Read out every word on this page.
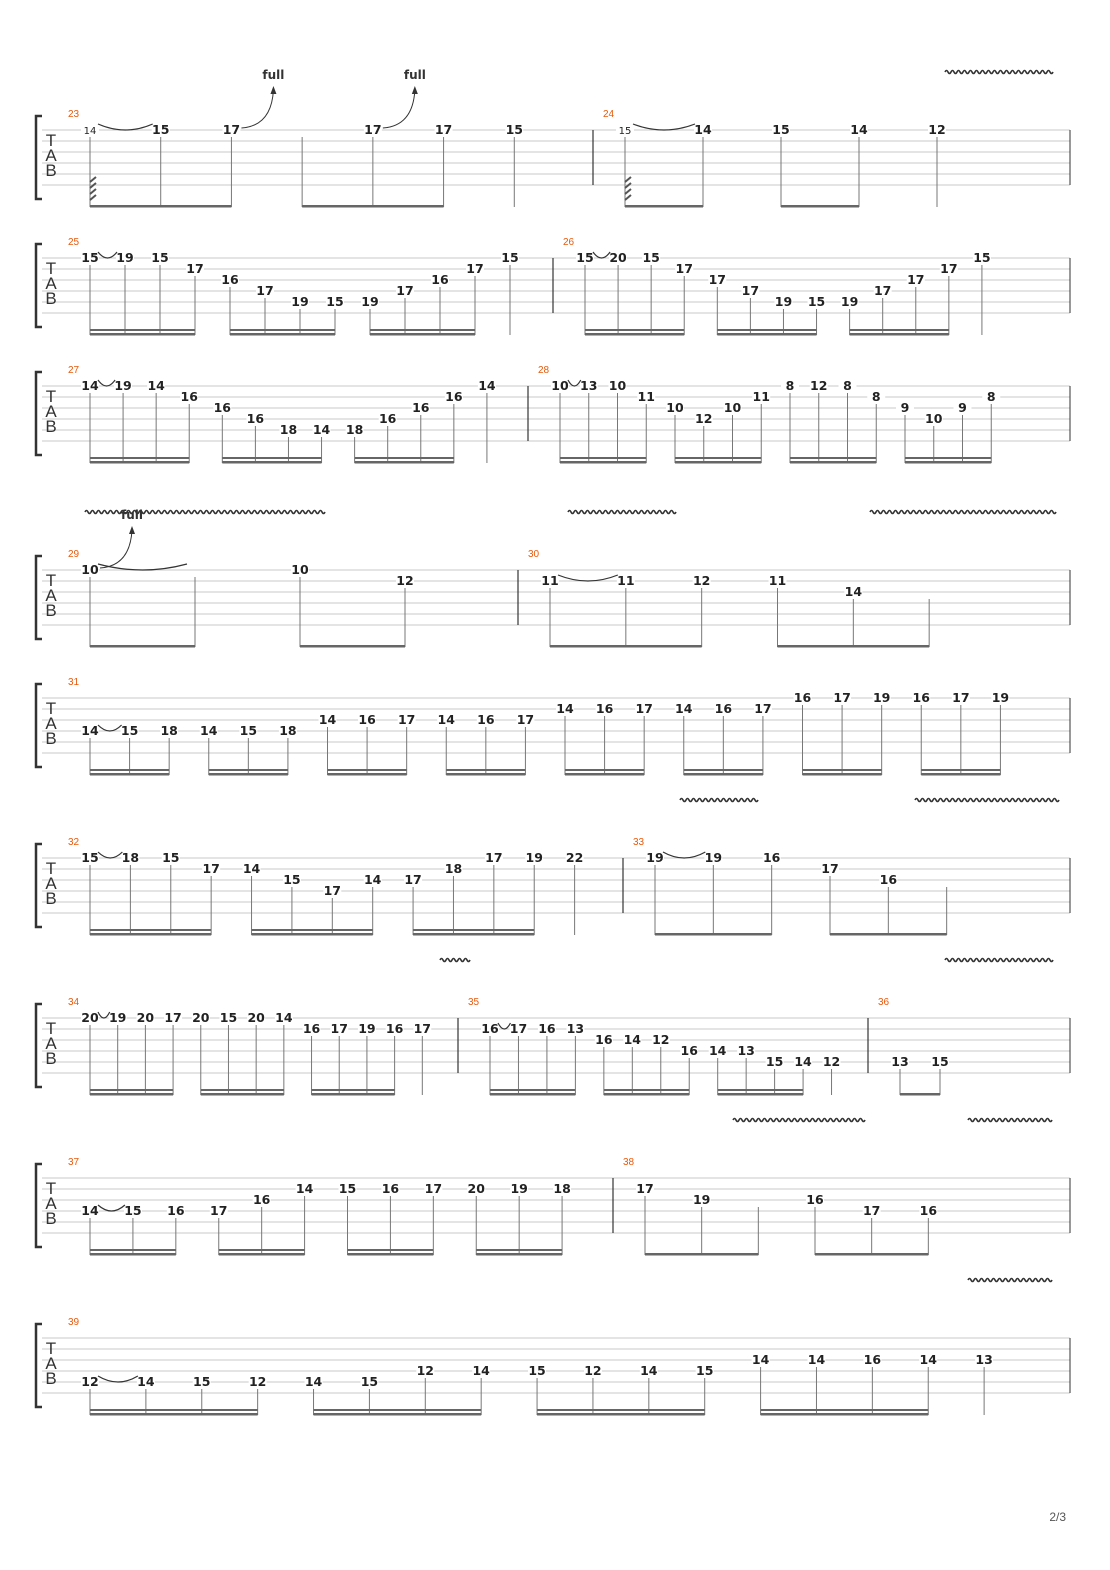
T
A
B
23
14	15	17
full
17
full
17	15
24
15	14	15	14	12
T
A
B
25
15 19 15
17
16
17
19 15 19
17
16
17
15
26
15 20 15
17
17
17
19 15 19
17
17
17
15
T
A
B
27
14 19 14
16
16
16
18 14 18
16
16
16
14
28
10 13 10
11
10
12
10
11
8 12 8
8
9
10
9
8
T
A
B
29
10
full
10
12
30
11	11	12	11
14
T
A
B
31
14 15 18 14 15 18
14 16 17 14 16 17
14 16 17 14 16 17
16 17 19 16 17 19
T
A
B
32
15 18 15
17 14
15
17
14 17
18
17 19 22
33
19	19	16
17
16
T
A
B
34
20 19 20 17 20 15 20 14
16 17 19 16 17
35
16 17 16 13
16 14 12
16 14 13
15 14 12
36
13 15
T
A
B
37
14 15 16 17
16
14 15 16 17 20 19 18
38
17
19	16
17	16
T
A
B
39
12	14	15	12	14	15
12	14	15	12	14	15
14	14	16	14	13
2/3
